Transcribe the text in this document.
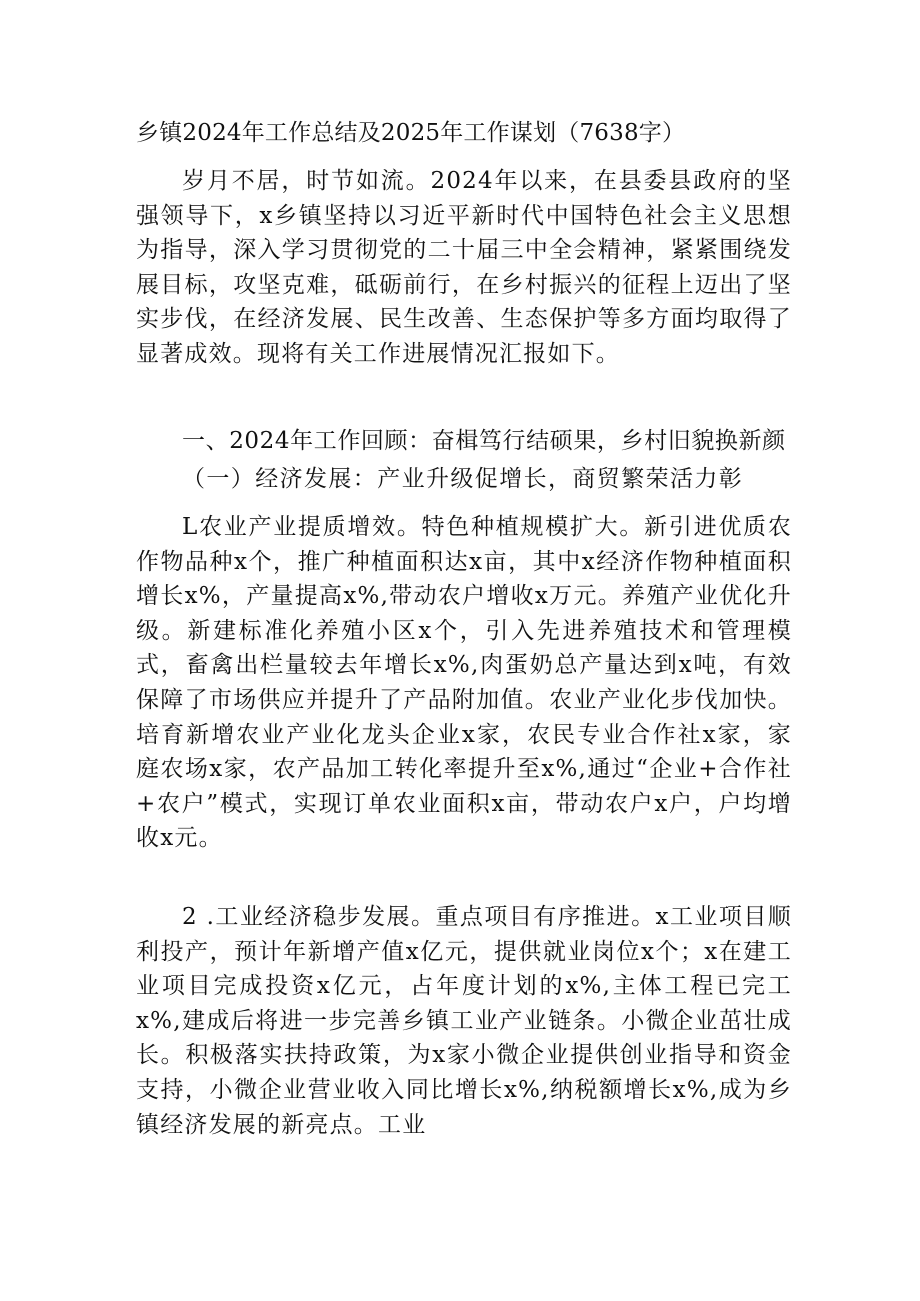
乡镇2024年工作总结及2025年工作谋划（7638字）
岁月不居，时节如流。2024年以来，在县委县政府的坚强领导下，x乡镇坚持以习近平新时代中国特色社会主义思想为指导，深入学习贯彻党的二十届三中全会精神，紧紧围绕发展目标，攻坚克难，砥砺前行，在乡村振兴的征程上迈出了坚实步伐，在经济发展、民生改善、生态保护等多方面均取得了显著成效。现将有关工作进展情况汇报如下。
一、2024年工作回顾：奋楫笃行结硕果，乡村旧貌换新颜
（一）经济发展：产业升级促增长，商贸繁荣活力彰
L农业产业提质增效。特色种植规模扩大。新引进优质农作物品种x个，推广种植面积达x亩，其中x经济作物种植面积增长x%，产量提高x%,带动农户增收x万元。养殖产业优化升级。新建标准化养殖小区x个，引入先进养殖技术和管理模式，畜禽出栏量较去年增长x%,肉蛋奶总产量达到x吨，有效保障了市场供应并提升了产品附加值。农业产业化步伐加快。培育新增农业产业化龙头企业x家，农民专业合作社x家，家庭农场x家，农产品加工转化率提升至x%,通过“企业+合作社+农户”模式，实现订单农业面积x亩，带动农户x户，户均增收x元。
2 .工业经济稳步发展。重点项目有序推进。x工业项目顺利投产，预计年新增产值x亿元，提供就业岗位x个；x在建工业项目完成投资x亿元，占年度计划的x%,主体工程已完工x%,建成后将进一步完善乡镇工业产业链条。小微企业茁壮成长。积极落实扶持政策，为x家小微企业提供创业指导和资金支持，小微企业营业收入同比增长x%,纳税额增长x%,成为乡镇经济发展的新亮点。工业
